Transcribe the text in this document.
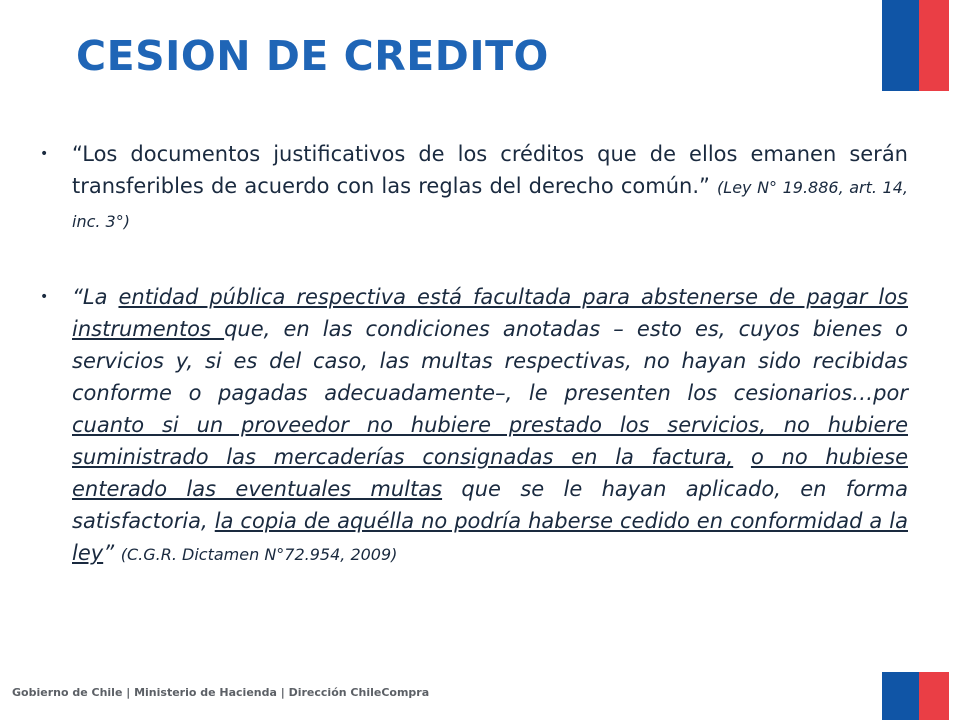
CESION DE CREDITO
• “Los documentos justificativos de los créditos que de ellos emanen serán transferibles de acuerdo con las reglas del derecho común.” (Ley N° 19.886, art. 14, inc. 3°)
• “La entidad pública respectiva está facultada para abstenerse de pagar los instrumentos que, en las condiciones anotadas – esto es, cuyos bienes o servicios y, si es del caso, las multas respectivas, no hayan sido recibidas conforme o pagadas adecuadamente–, le presenten los cesionarios…por cuanto si un proveedor no hubiere prestado los servicios, no hubiere suministrado las mercaderías consignadas en la factura, o no hubiese enterado las eventuales multas que se le hayan aplicado, en forma satisfactoria, la copia de aquélla no podría haberse cedido en conformidad a la ley” (C.G.R. Dictamen N°72.954, 2009)

Gobierno de Chile | Ministerio de Hacienda | Dirección ChileCompra
